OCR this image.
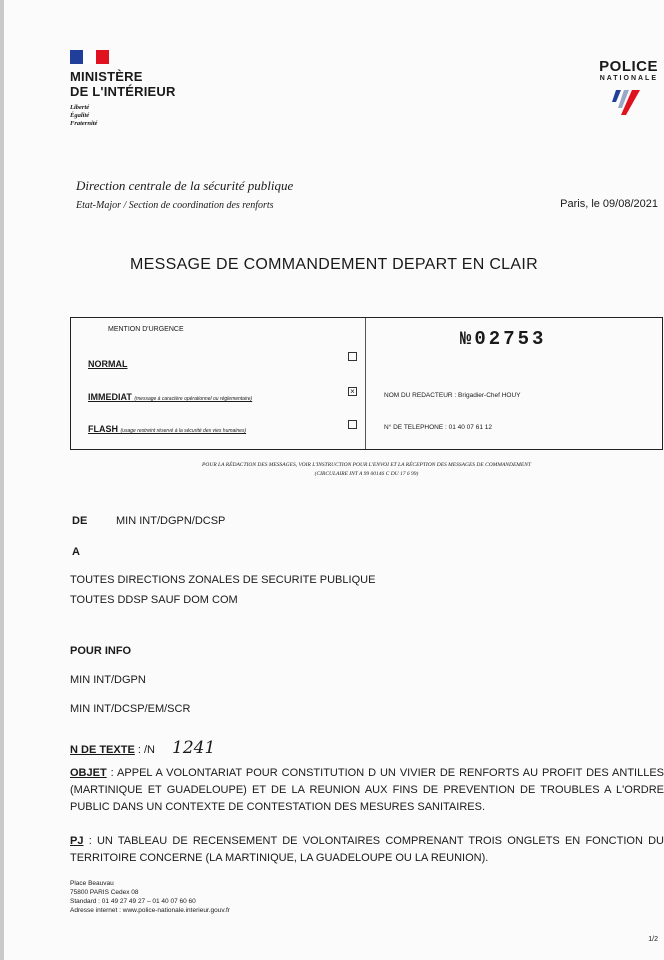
MINISTÈRE
DE L'INTÉRIEUR
Liberté
Égalité
Fraternité
POLICE
NATIONALE
Direction centrale de la sécurité publique
Etat-Major / Section de coordination des renforts	Paris, le 09/08/2021
MESSAGE DE COMMANDEMENT DEPART EN CLAIR
MENTION D'URGENCE
NORMAL
IMMEDIAT (message à caractère opérationnel ou réglementaire)
×
FLASH (usage restreint réservé à la sécurité des vies humaines)
№02753
NOM DU REDACTEUR : Brigadier-Chef HOUY
N° DE TELEPHONE : 01 40 07 61 12
POUR LA RÉDACTION DES MESSAGES, VOIR L'INSTRUCTION POUR L'ENVOI ET LA RÉCEPTION DES MESSAGES DE COMMANDEMENT
(CIRCULAIRE INT A 99 00146 C DU 17 6 99)
DE	MIN INT/DGPN/DCSP
A
TOUTES DIRECTIONS ZONALES DE SECURITE PUBLIQUE
TOUTES DDSP SAUF DOM COM
POUR INFO
MIN INT/DGPN
MIN INT/DCSP/EM/SCR
N DE TEXTE : /N 1241
OBJET : APPEL A VOLONTARIAT POUR CONSTITUTION D UN VIVIER DE RENFORTS AU PROFIT DES ANTILLES (MARTINIQUE ET GUADELOUPE) ET DE LA REUNION AUX FINS DE PREVENTION DE TROUBLES A L'ORDRE PUBLIC DANS UN CONTEXTE DE CONTESTATION DES MESURES SANITAIRES.
PJ : UN TABLEAU DE RECENSEMENT DE VOLONTAIRES COMPRENANT TROIS ONGLETS EN FONCTION DU TERRITOIRE CONCERNE (LA MARTINIQUE, LA GUADELOUPE OU LA REUNION).
Place Beauvau
75800 PARIS Cedex 08
Standard : 01 49 27 49 27 – 01 40 07 60 60
Adresse internet : www.police-nationale.interieur.gouv.fr
1/2
